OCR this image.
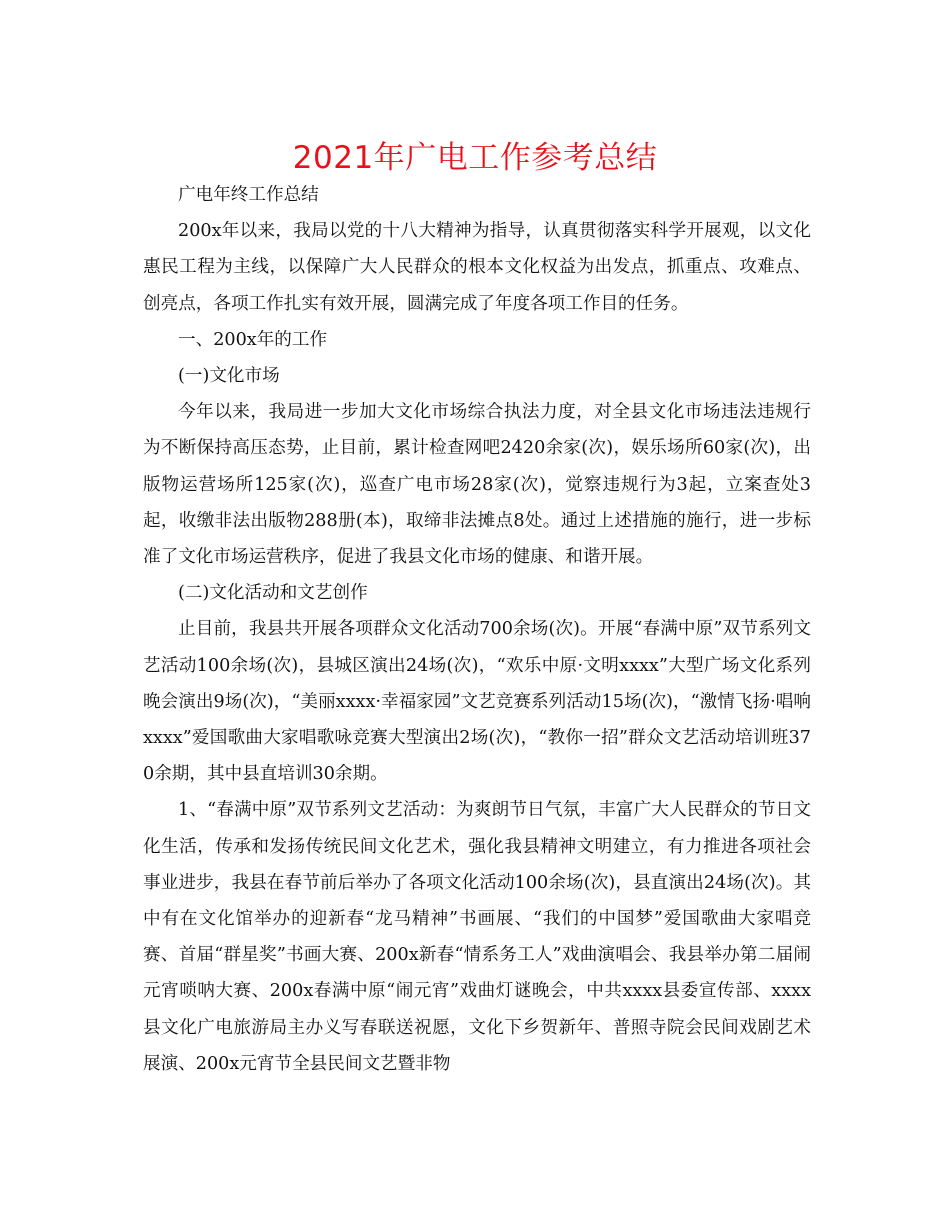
2021年广电工作参考总结

广电年终工作总结

200x年以来，我局以党的十八大精神为指导，认真贯彻落实科学开展观，以文化惠民工程为主线，以保障广大人民群众的根本文化权益为出发点，抓重点、攻难点、创亮点，各项工作扎实有效开展，圆满完成了年度各项工作目的任务。

一、200x年的工作

(一)文化市场

今年以来，我局进一步加大文化市场综合执法力度，对全县文化市场违法违规行为不断保持高压态势，止目前，累计检查网吧2420余家(次)，娱乐场所60家(次)，出版物运营场所125家(次)，巡查广电市场28家(次)，觉察违规行为3起，立案查处3起，收缴非法出版物288册(本)，取缔非法摊点8处。通过上述措施的施行，进一步标准了文化市场运营秩序，促进了我县文化市场的健康、和谐开展。

(二)文化活动和文艺创作

止目前，我县共开展各项群众文化活动700余场(次)。开展“春满中原”双节系列文艺活动100余场(次)，县城区演出24场(次)，“欢乐中原·文明xxxx”大型广场文化系列晚会演出9场(次)，“美丽xxxx·幸福家园”文艺竞赛系列活动15场(次)，“激情飞扬·唱响xxxx”爱国歌曲大家唱歌咏竞赛大型演出2场(次)，“教你一招”群众文艺活动培训班370余期，其中县直培训30余期。

1、“春满中原”双节系列文艺活动：为爽朗节日气氛，丰富广大人民群众的节日文化生活，传承和发扬传统民间文化艺术，强化我县精神文明建立，有力推进各项社会事业进步，我县在春节前后举办了各项文化活动100余场(次)，县直演出24场(次)。其中有在文化馆举办的迎新春“龙马精神”书画展、“我们的中国梦”爱国歌曲大家唱竞赛、首届“群星奖”书画大赛、200x新春“情系务工人”戏曲演唱会、我县举办第二届闹元宵唢呐大赛、200x春满中原“闹元宵”戏曲灯谜晚会，中共xxxx县委宣传部、xxxx县文化广电旅游局主办义写春联送祝愿，文化下乡贺新年、普照寺院会民间戏剧艺术展演、200x元宵节全县民间文艺暨非物
